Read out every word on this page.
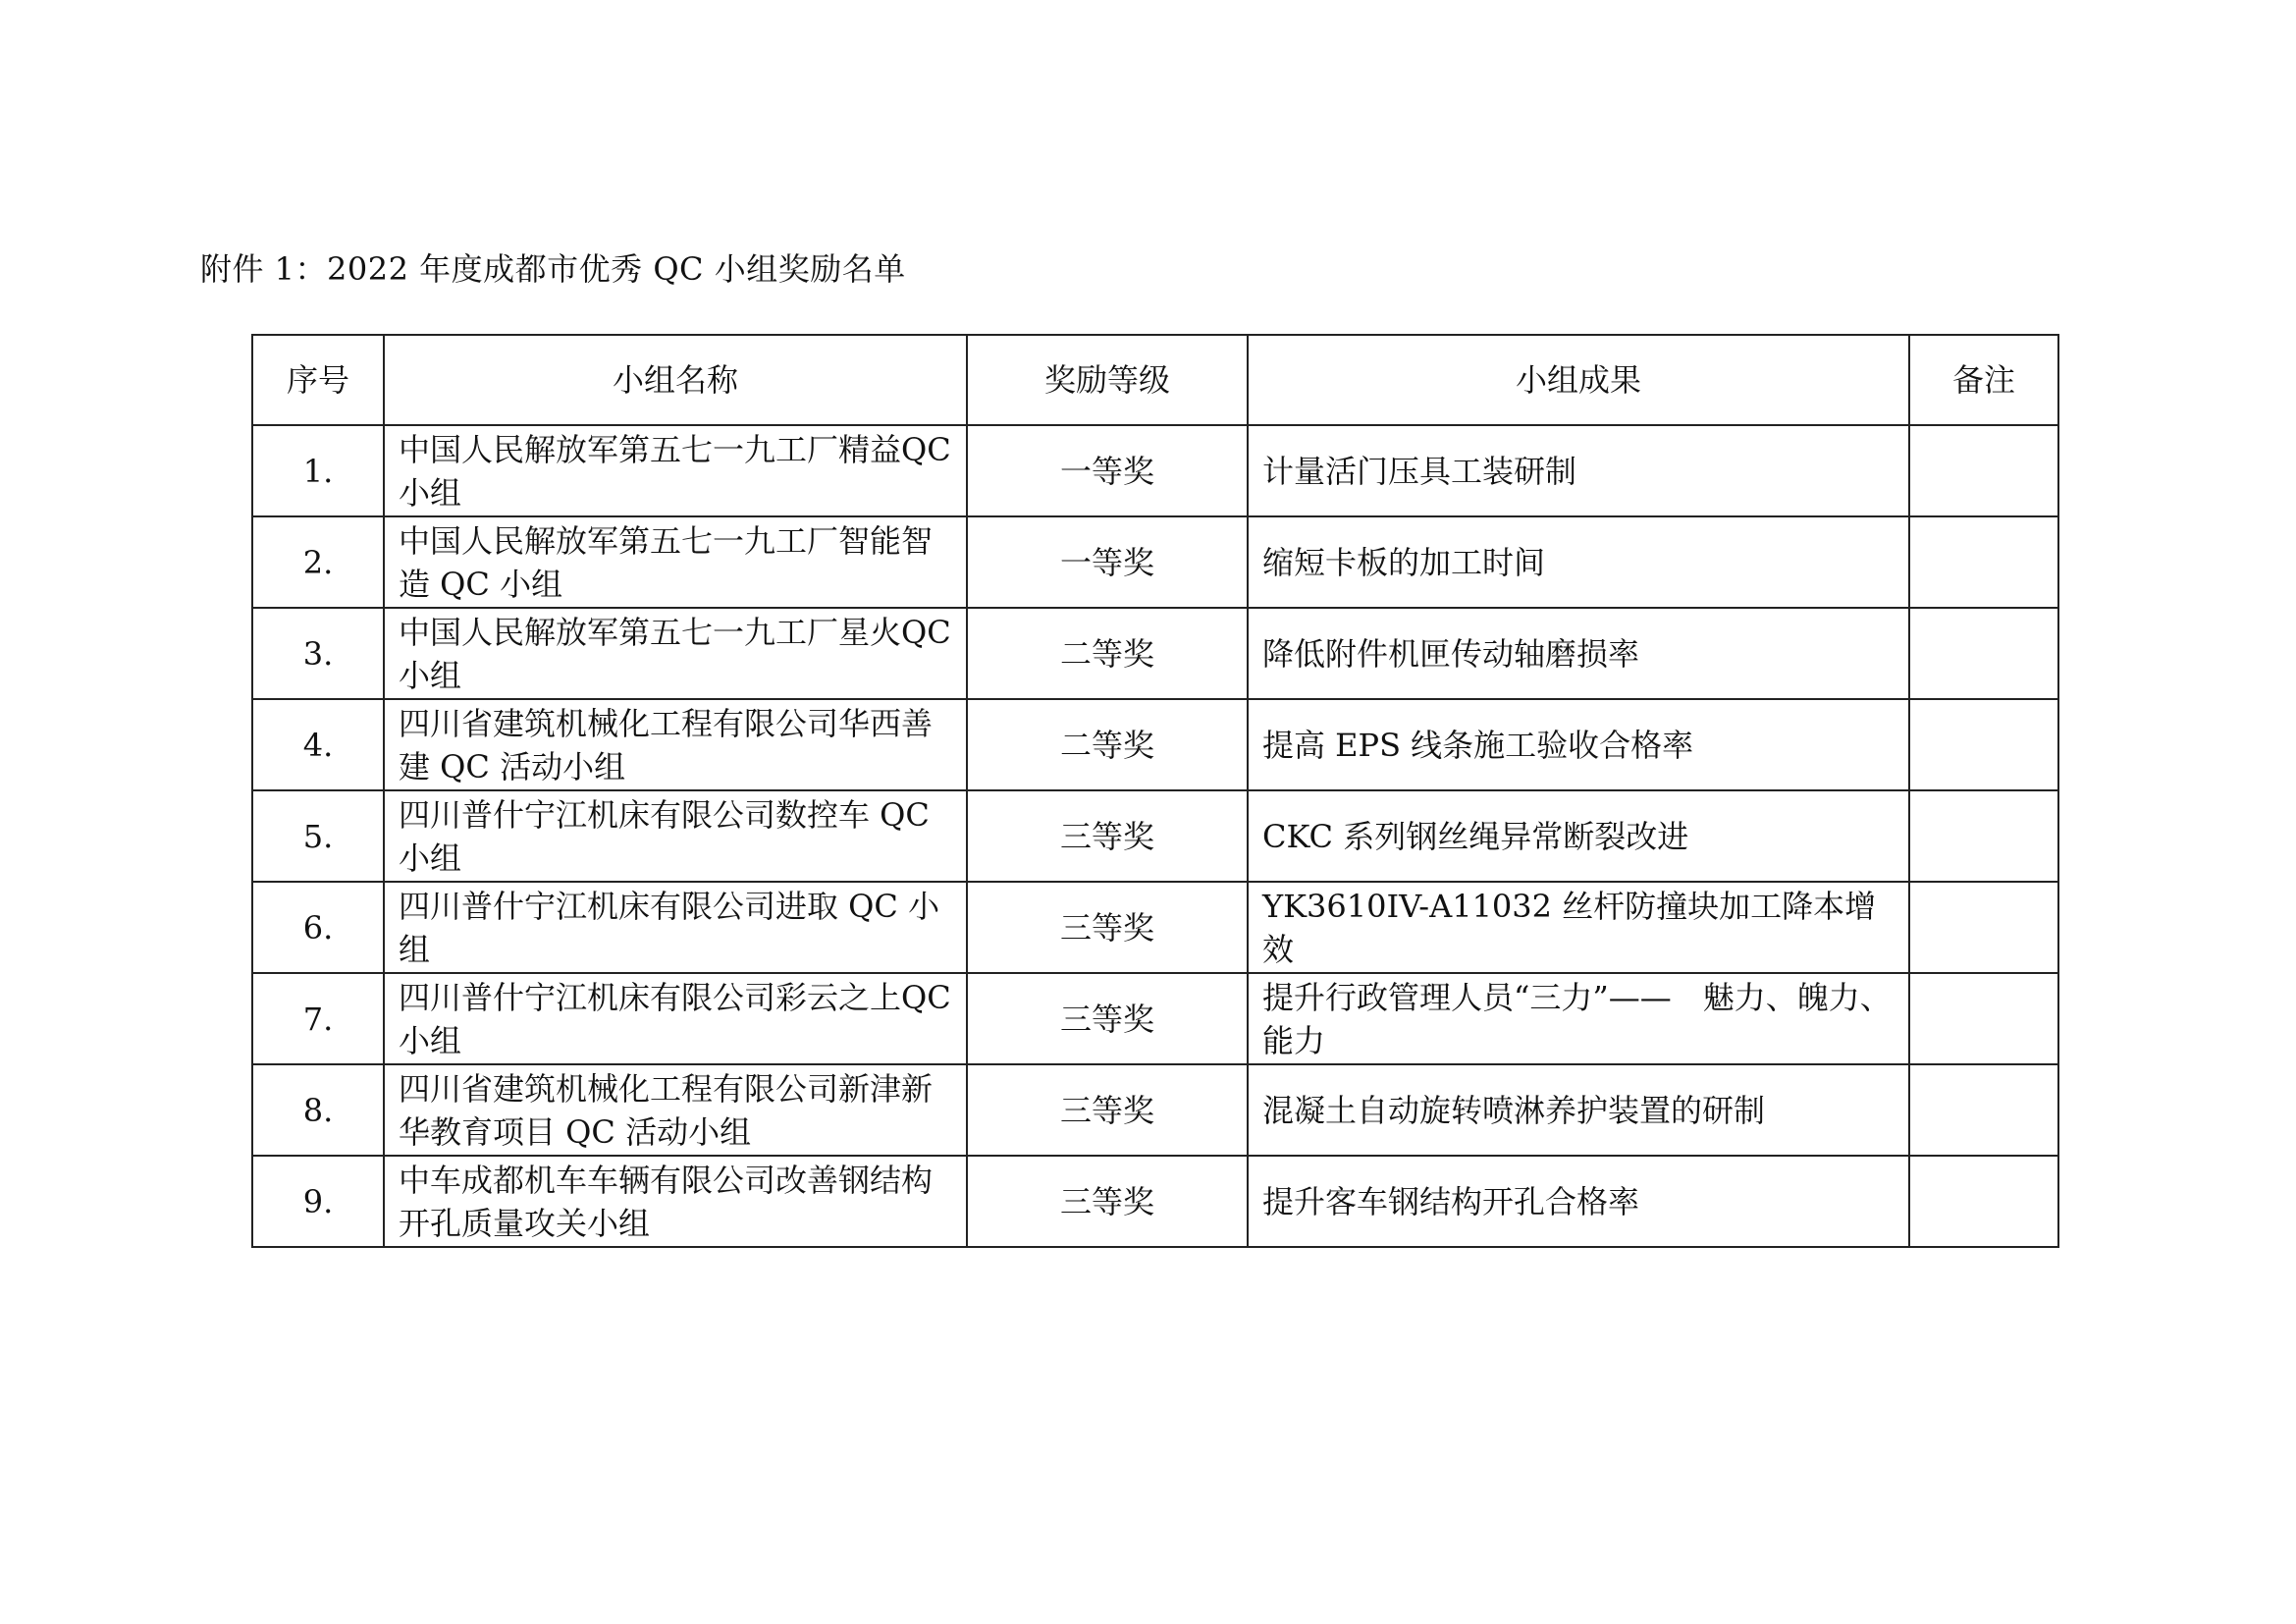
附件 1：2022 年度成都市优秀 QC 小组奖励名单
序号	小组名称	奖励等级	小组成果	备注
1.	中国人民解放军第五七一九工厂精益QC 小组	一等奖	计量活门压具工装研制	
2.	中国人民解放军第五七一九工厂智能智造 QC 小组	一等奖	缩短卡板的加工时间	
3.	中国人民解放军第五七一九工厂星火QC 小组	二等奖	降低附件机匣传动轴磨损率	
4.	四川省建筑机械化工程有限公司华西善建 QC 活动小组	二等奖	提高 EPS 线条施工验收合格率	
5.	四川普什宁江机床有限公司数控车 QC 小组	三等奖	CKC 系列钢丝绳异常断裂改进	
6.	四川普什宁江机床有限公司进取 QC 小组	三等奖	YK3610IV-A11032 丝杆防撞块加工降本增效	
7.	四川普什宁江机床有限公司彩云之上QC 小组	三等奖	提升行政管理人员“三力”——　魅力、魄力、能力	
8.	四川省建筑机械化工程有限公司新津新华教育项目 QC 活动小组	三等奖	混凝土自动旋转喷淋养护装置的研制	
9.	中车成都机车车辆有限公司改善钢结构开孔质量攻关小组	三等奖	提升客车钢结构开孔合格率	
